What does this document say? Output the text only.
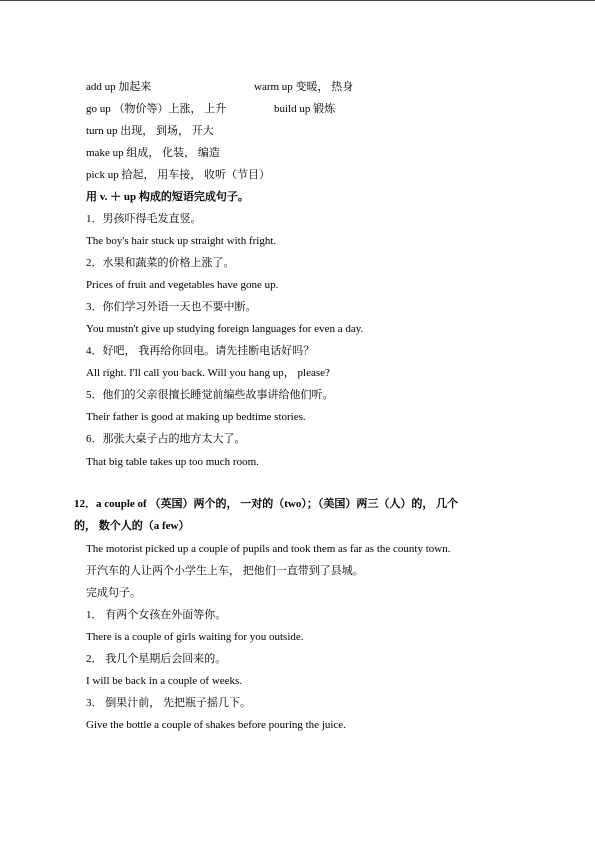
add up 加起来	warm up 变暖， 热身
go up （物价等）上涨， 上升	build up 锻炼
turn up 出现， 到场， 开大
make up 组成， 化装， 编造
pick up 拾起， 用车接， 收听（节目）
用 v. ＋ up 构成的短语完成句子。
1．男孩吓得毛发直竖。
The boy's hair stuck up straight with fright.
2．水果和蔬菜的价格上涨了。
Prices of fruit and vegetables have gone up.
3．你们学习外语一天也不要中断。
You mustn't give up studying foreign languages for even a day.
4．好吧， 我再给你回电。请先挂断电话好吗？
All right. I'll call you back. Will you hang up， please?
5．他们的父亲很擅长睡觉前编些故事讲给他们听。
Their father is good at making up bedtime stories.
6．那张大桌子占的地方太大了。
That big table takes up too much room.
12．a couple of （英国）两个的， 一对的（two）；（美国）两三（人）的， 几个
的， 数个人的（a few）
The motorist picked up a couple of pupils and took them as far as the county town.
开汽车的人让两个小学生上车， 把他们一直带到了县城。
完成句子。
1． 有两个女孩在外面等你。
There is a couple of girls waiting for you outside.
2． 我几个星期后会回来的。
I will be back in a couple of weeks.
3． 倒果汁前， 先把瓶子摇几下。
Give the bottle a couple of shakes before pouring the juice.
